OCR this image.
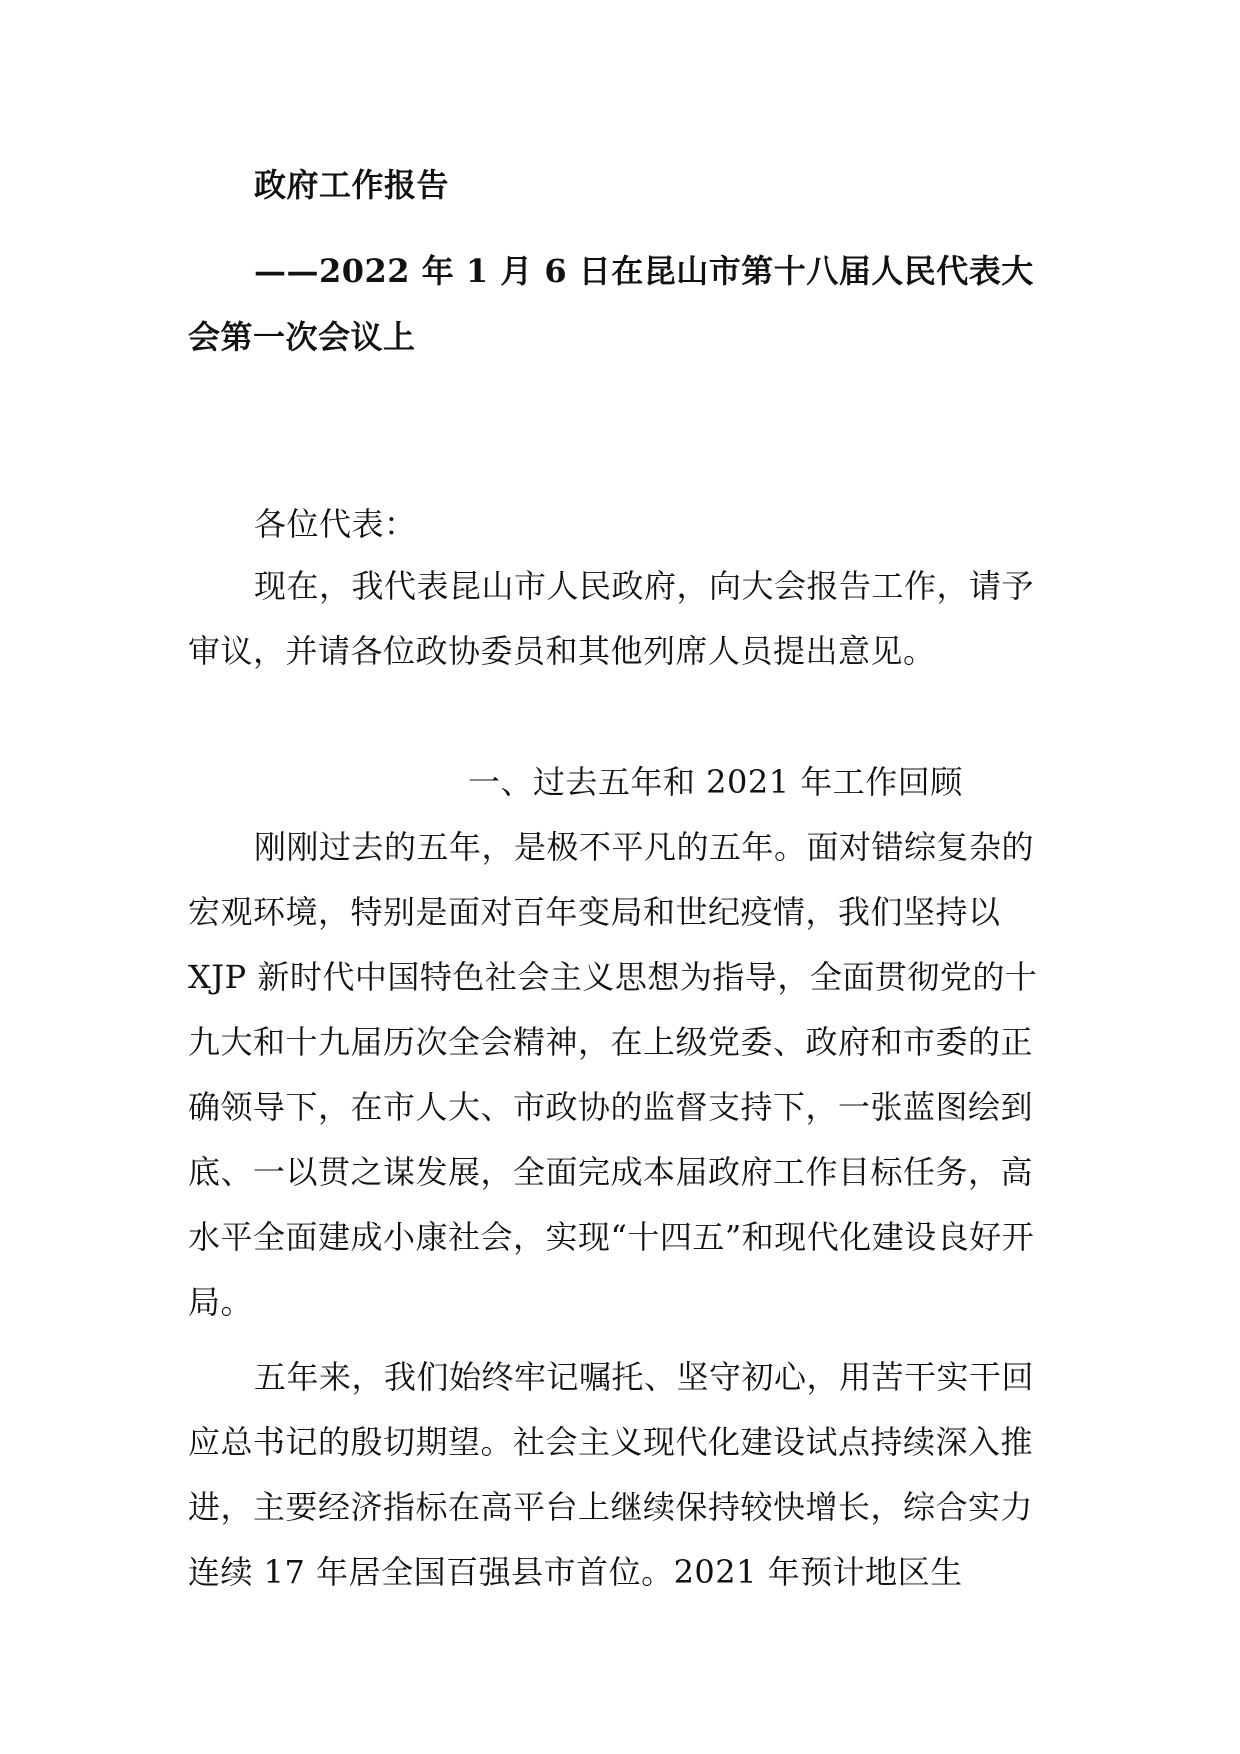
政府工作报告

——2022 年 1 月 6 日在昆山市第十八届人民代表大会第一次会议上

各位代表：

现在，我代表昆山市人民政府，向大会报告工作，请予审议，并请各位政协委员和其他列席人员提出意见。

一、过去五年和 2021 年工作回顾

刚刚过去的五年，是极不平凡的五年。面对错综复杂的宏观环境，特别是面对百年变局和世纪疫情，我们坚持以 XJP 新时代中国特色社会主义思想为指导，全面贯彻党的十九大和十九届历次全会精神，在上级党委、政府和市委的正确领导下，在市人大、市政协的监督支持下，一张蓝图绘到底、一以贯之谋发展，全面完成本届政府工作目标任务，高水平全面建成小康社会，实现“十四五”和现代化建设良好开局。

五年来，我们始终牢记嘱托、坚守初心，用苦干实干回应总书记的殷切期望。社会主义现代化建设试点持续深入推进，主要经济指标在高平台上继续保持较快增长，综合实力连续 17 年居全国百强县市首位。2021 年预计地区生
